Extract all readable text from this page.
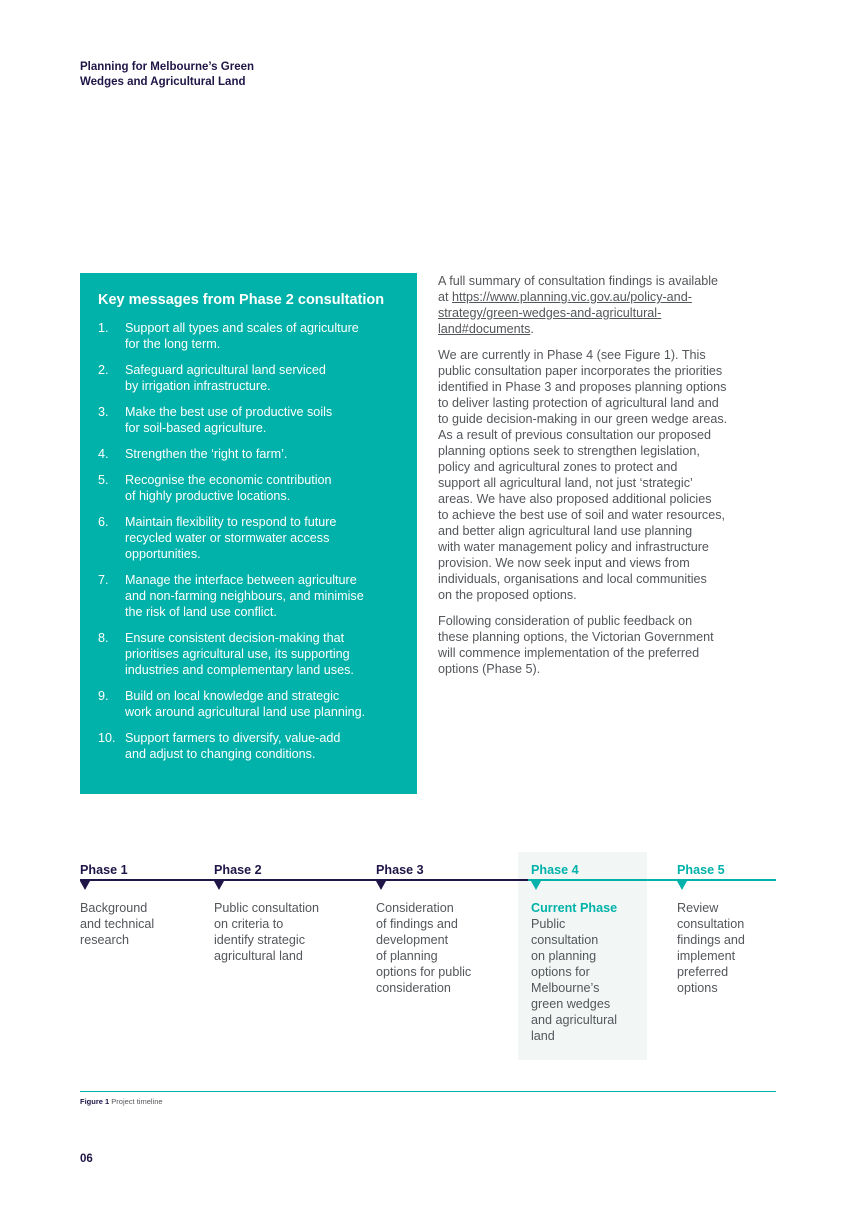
Planning for Melbourne’s Green
Wedges and Agricultural Land
Key messages from Phase 2 consultation
1. Support all types and scales of agriculture
for the long term.
2. Safeguard agricultural land serviced
by irrigation infrastructure.
3. Make the best use of productive soils
for soil-based agriculture.
4. Strengthen the ‘right to farm’.
5. Recognise the economic contribution
of highly productive locations.
6. Maintain flexibility to respond to future
recycled water or stormwater access
opportunities.
7. Manage the interface between agriculture
and non-farming neighbours, and minimise
the risk of land use conflict.
8. Ensure consistent decision-making that
prioritises agricultural use, its supporting
industries and complementary land uses.
9. Build on local knowledge and strategic
work around agricultural land use planning.
10. Support farmers to diversify, value-add
and adjust to changing conditions.

A full summary of consultation findings is available
at https://www.planning.vic.gov.au/policy-and-
strategy/green-wedges-and-agricultural-
land#documents.

We are currently in Phase 4 (see Figure 1). This
public consultation paper incorporates the priorities
identified in Phase 3 and proposes planning options
to deliver lasting protection of agricultural land and
to guide decision-making in our green wedge areas.
As a result of previous consultation our proposed
planning options seek to strengthen legislation,
policy and agricultural zones to protect and
support all agricultural land, not just ‘strategic’
areas. We have also proposed additional policies
to achieve the best use of soil and water resources,
and better align agricultural land use planning
with water management policy and infrastructure
provision. We now seek input and views from
individuals, organisations and local communities
on the proposed options.

Following consideration of public feedback on
these planning options, the Victorian Government
will commence implementation of the preferred
options (Phase 5).

Phase 1
Background
and technical
research
Phase 2
Public consultation
on criteria to
identify strategic
agricultural land
Phase 3
Consideration
of findings and
development
of planning
options for public
consideration
Phase 4
Current Phase
Public
consultation
on planning
options for
Melbourne’s
green wedges
and agricultural
land
Phase 5
Review
consultation
findings and
implement
preferred
options
Figure 1 Project timeline
06
